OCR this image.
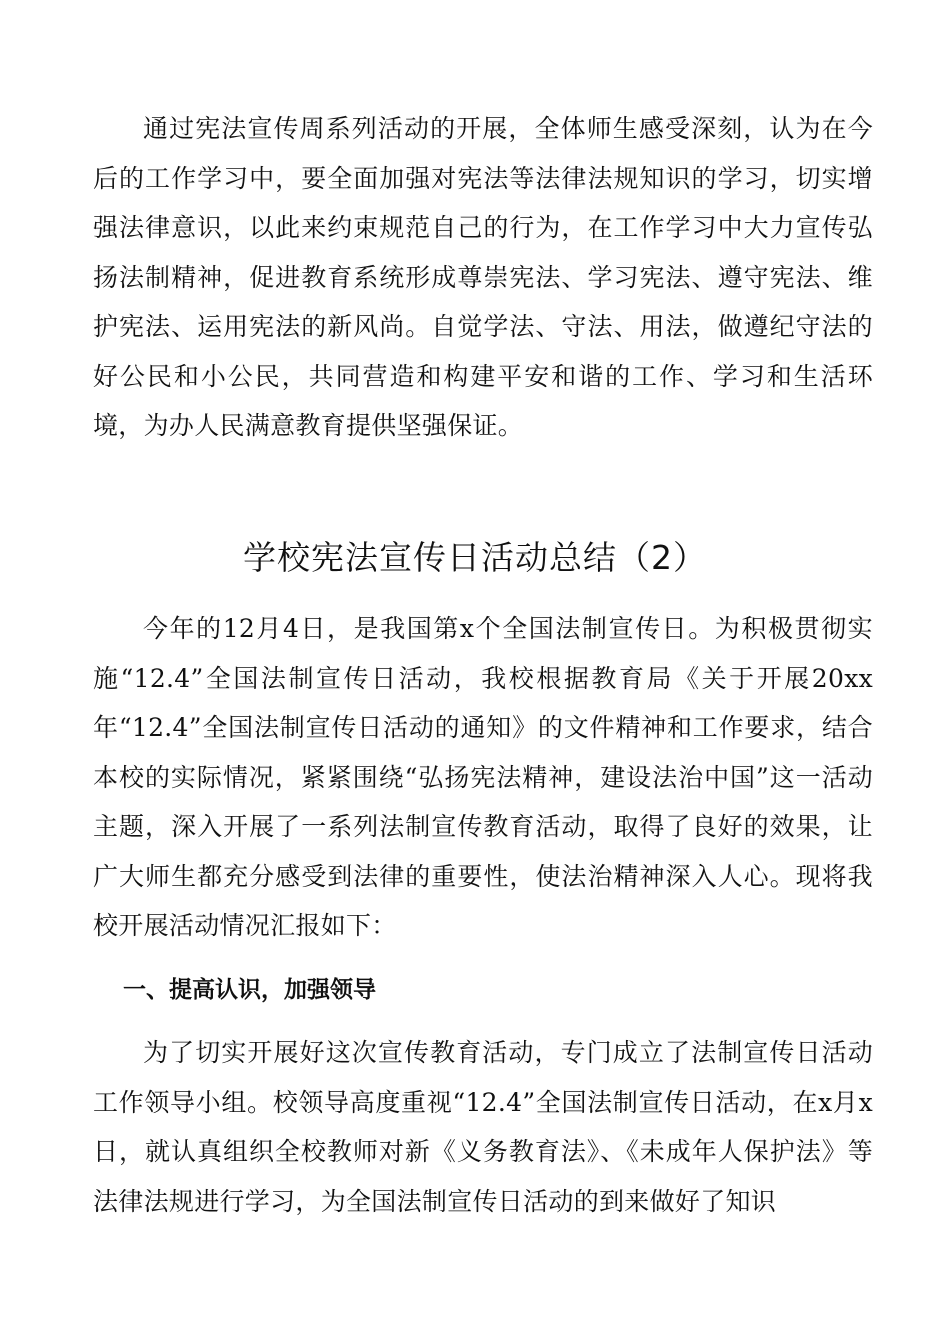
通过宪法宣传周系列活动的开展，全体师生感受深刻，认为在今后的工作学习中，要全面加强对宪法等法律法规知识的学习，切实增强法律意识，以此来约束规范自己的行为，在工作学习中大力宣传弘扬法制精神，促进教育系统形成尊崇宪法、学习宪法、遵守宪法、维护宪法、运用宪法的新风尚。自觉学法、守法、用法，做遵纪守法的好公民和小公民，共同营造和构建平安和谐的工作、学习和生活环境，为办人民满意教育提供坚强保证。

学校宪法宣传日活动总结（2）

今年的12月4日，是我国第x个全国法制宣传日。为积极贯彻实施“12.4”全国法制宣传日活动，我校根据教育局《关于开展20xx年“12.4”全国法制宣传日活动的通知》的文件精神和工作要求，结合本校的实际情况，紧紧围绕“弘扬宪法精神，建设法治中国”这一活动主题，深入开展了一系列法制宣传教育活动，取得了良好的效果，让广大师生都充分感受到法律的重要性，使法治精神深入人心。现将我校开展活动情况汇报如下：

一、提高认识，加强领导

为了切实开展好这次宣传教育活动，专门成立了法制宣传日活动工作领导小组。校领导高度重视“12.4”全国法制宣传日活动，在x月x日，就认真组织全校教师对新《义务教育法》、《未成年人保护法》等法律法规进行学习，为全国法制宣传日活动的到来做好了知识
